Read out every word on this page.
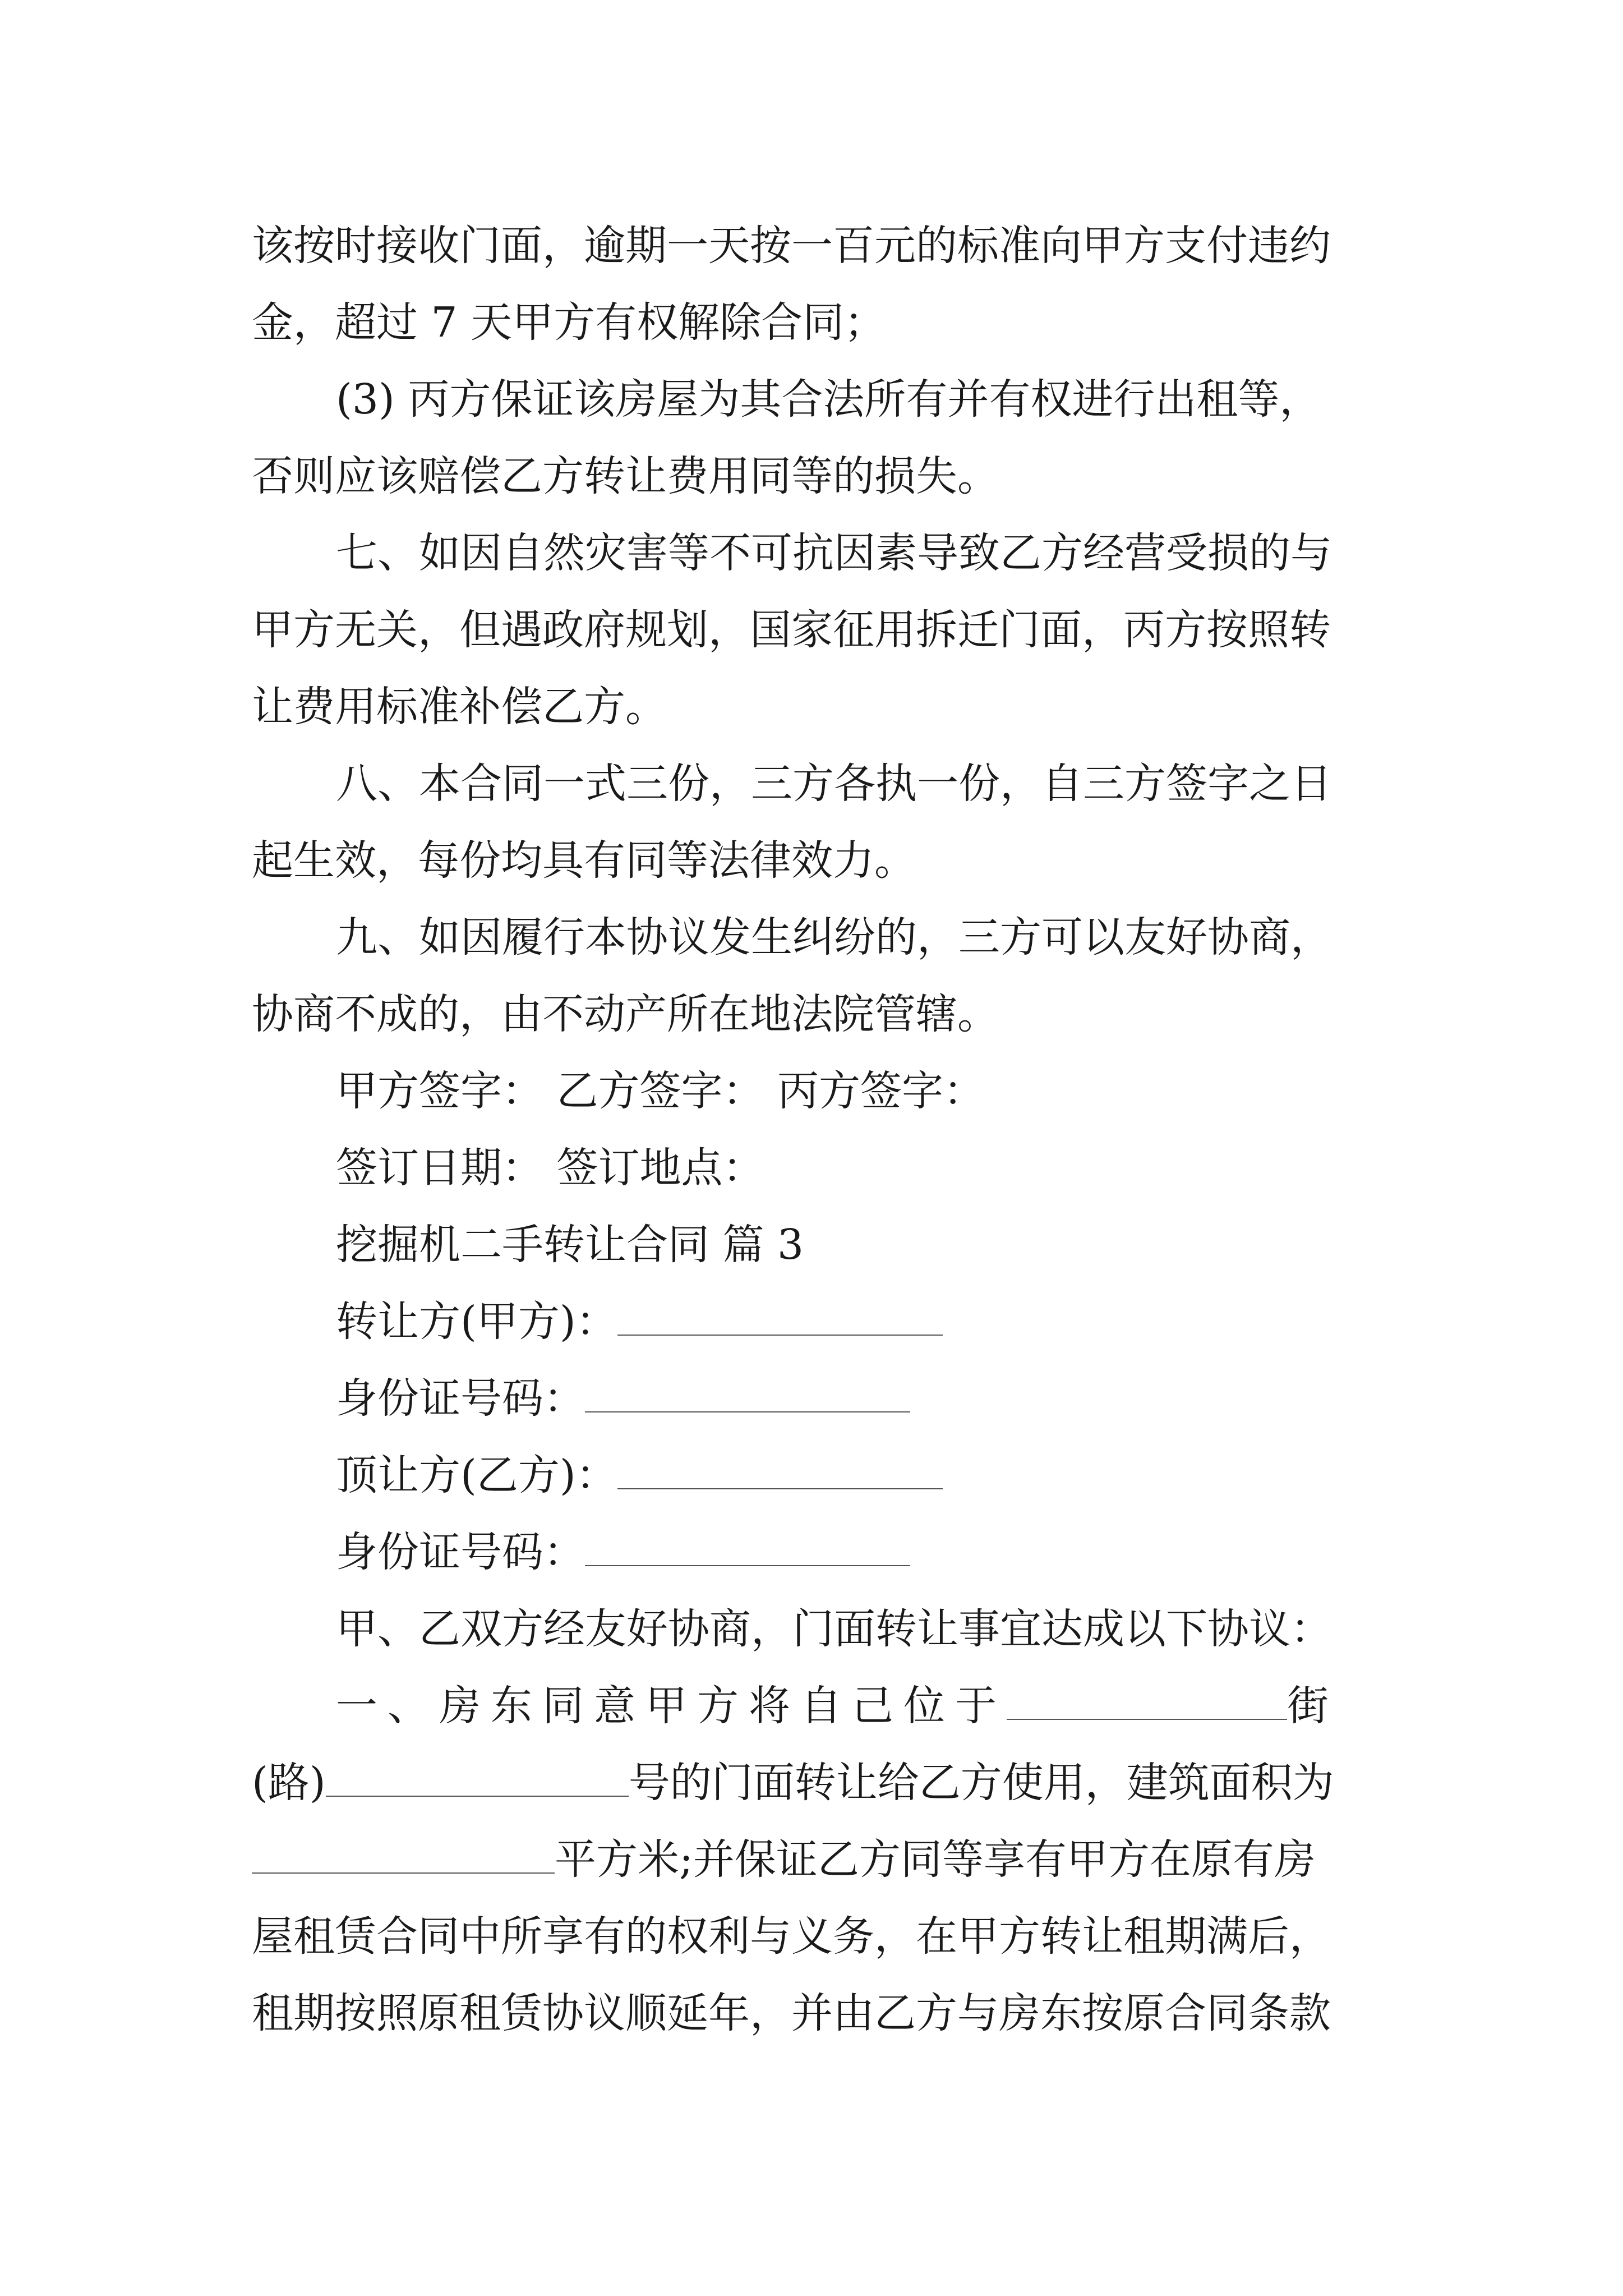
该按时接收门面，逾期一天按一百元的标准向甲方支付违约
金，超过 7 天甲方有权解除合同；
(3) 丙方保证该房屋为其合法所有并有权进行出租等，
否则应该赔偿乙方转让费用同等的损失。
七、如因自然灾害等不可抗因素导致乙方经营受损的与
甲方无关，但遇政府规划，国家征用拆迁门面，丙方按照转
让费用标准补偿乙方。
八、本合同一式三份，三方各执一份，自三方签字之日
起生效，每份均具有同等法律效力。
九、如因履行本协议发生纠纷的，三方可以友好协商，
协商不成的，由不动产所在地法院管辖。
甲方签字： 乙方签字： 丙方签字：
签订日期： 签订地点：
挖掘机二手转让合同 篇 3
转让方(甲方)：
身份证号码：
顶让方(乙方)：
身份证号码：
甲、乙双方经友好协商，门面转让事宜达成以下协议：
一、房东同意甲方将自己位于	街
(路)	号的门面转让给乙方使用，建筑面积为
平方米;并保证乙方同等享有甲方在原有房
屋租赁合同中所享有的权利与义务，在甲方转让租期满后，
租期按照原租赁协议顺延年，并由乙方与房东按原合同条款
